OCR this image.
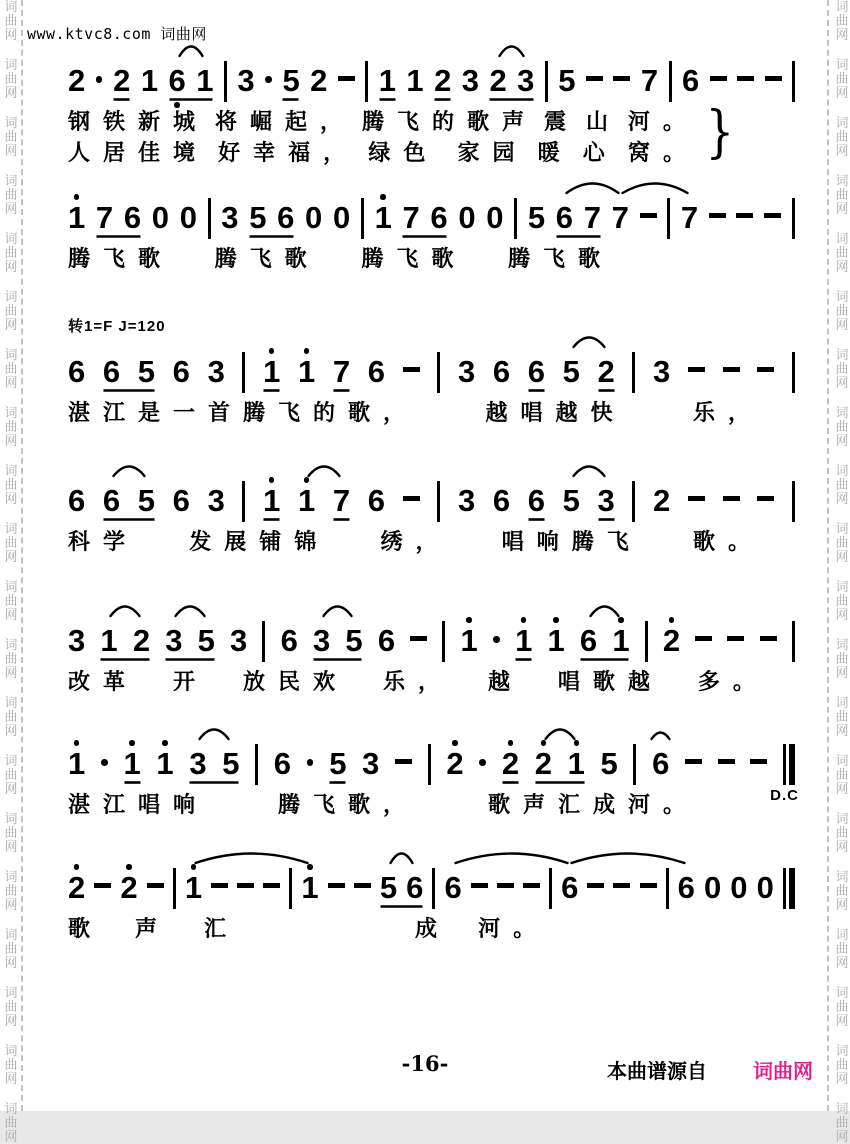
词
曲
网
词
曲
网
词
曲
网
词
曲
网
词
曲
网
词
曲
网
词
曲
网
词
曲
网
词
曲
网
词
曲
网
词
曲
网
词
曲
网
词
曲
网
词
曲
网
词
曲
网
词
曲
网
词
曲
网
词
曲
网
词
曲
网
词
曲
网
词
曲
网
词
曲
网
词
曲
网
词
曲
网
词
曲
网
词
曲
网
词
曲
网
词
曲
网
词
曲
网
词
曲
网
词
曲
网
词
曲
网
词
曲
网
词
曲
网
词
曲
网
词
曲
网
词
曲
网
词
曲
网
词
曲
网
词
曲
网
www.ktvc8.com 词曲网
2 2 1 6 1 3 5 2 1 1 2 3 2 3 5 7 6
钢铁新城 将崛起， 腾飞的歌声 震 山 河。
人居佳境 好幸福， 绿色 家园 暖 心 窝。 }
1 7 6 0 0 3 5 6 0 0 1 7 6 0 0 5 6 7 7 7
腾飞歌 腾飞歌 腾飞歌 腾飞歌
转1=F J=120
6 6 5 6 3 1 1 7 6 3 6 6 5 2 3
湛江是一首腾飞的歌，	越唱越快	乐，
6 6 5 6 3 1 1 7 6 3 6 6 5 3 2
科学 发展铺锦 绣， 唱响腾飞 歌。
3 1 2 3 5 3 6 3 5 6 1 1 1 6 1 2
改革 开 放民欢 乐， 越 唱歌越 多。
1 1 1 3 5 6 5 3 2 2 2 1 5 6
湛江唱响	腾飞歌，	歌声汇成河。	D.C
2 2 1	1 5 6 6	6	6 0 0 0
歌 声 汇	成 河。
-16-	本曲谱源自 词曲网
